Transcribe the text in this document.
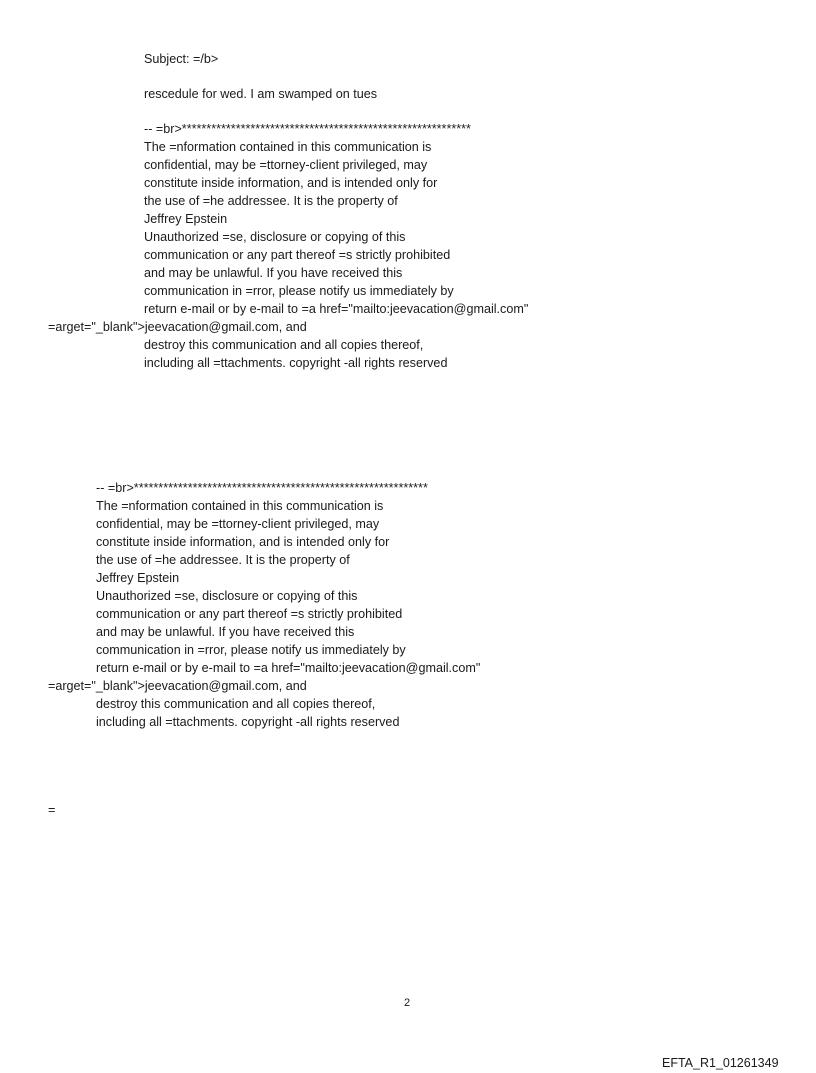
Subject: =/b>
rescedule for wed. I am swamped on tues
-- =br>***********************************************************
The =nformation contained in this communication is
confidential, may be =ttorney-client privileged, may
constitute inside information, and is intended only for
the use of =he addressee. It is the property of
Jeffrey Epstein
Unauthorized =se, disclosure or copying of this
communication or any part thereof =s strictly prohibited
and may be unlawful. If you have received this
communication in =rror, please notify us immediately by
return e-mail or by e-mail to =a href="mailto:jeevacation@gmail.com"
=arget="_blank">jeevacation@gmail.com, and
destroy this communication and all copies thereof,
including all =ttachments. copyright -all rights reserved
-- =br>************************************************************
The =nformation contained in this communication is
confidential, may be =ttorney-client privileged, may
constitute inside information, and is intended only for
the use of =he addressee. It is the property of
Jeffrey Epstein
Unauthorized =se, disclosure or copying of this
communication or any part thereof =s strictly prohibited
and may be unlawful. If you have received this
communication in =rror, please notify us immediately by
return e-mail or by e-mail to =a href="mailto:jeevacation@gmail.com"
=arget="_blank">jeevacation@gmail.com, and
destroy this communication and all copies thereof,
including all =ttachments. copyright -all rights reserved
=
2
EFTA_R1_01261349
